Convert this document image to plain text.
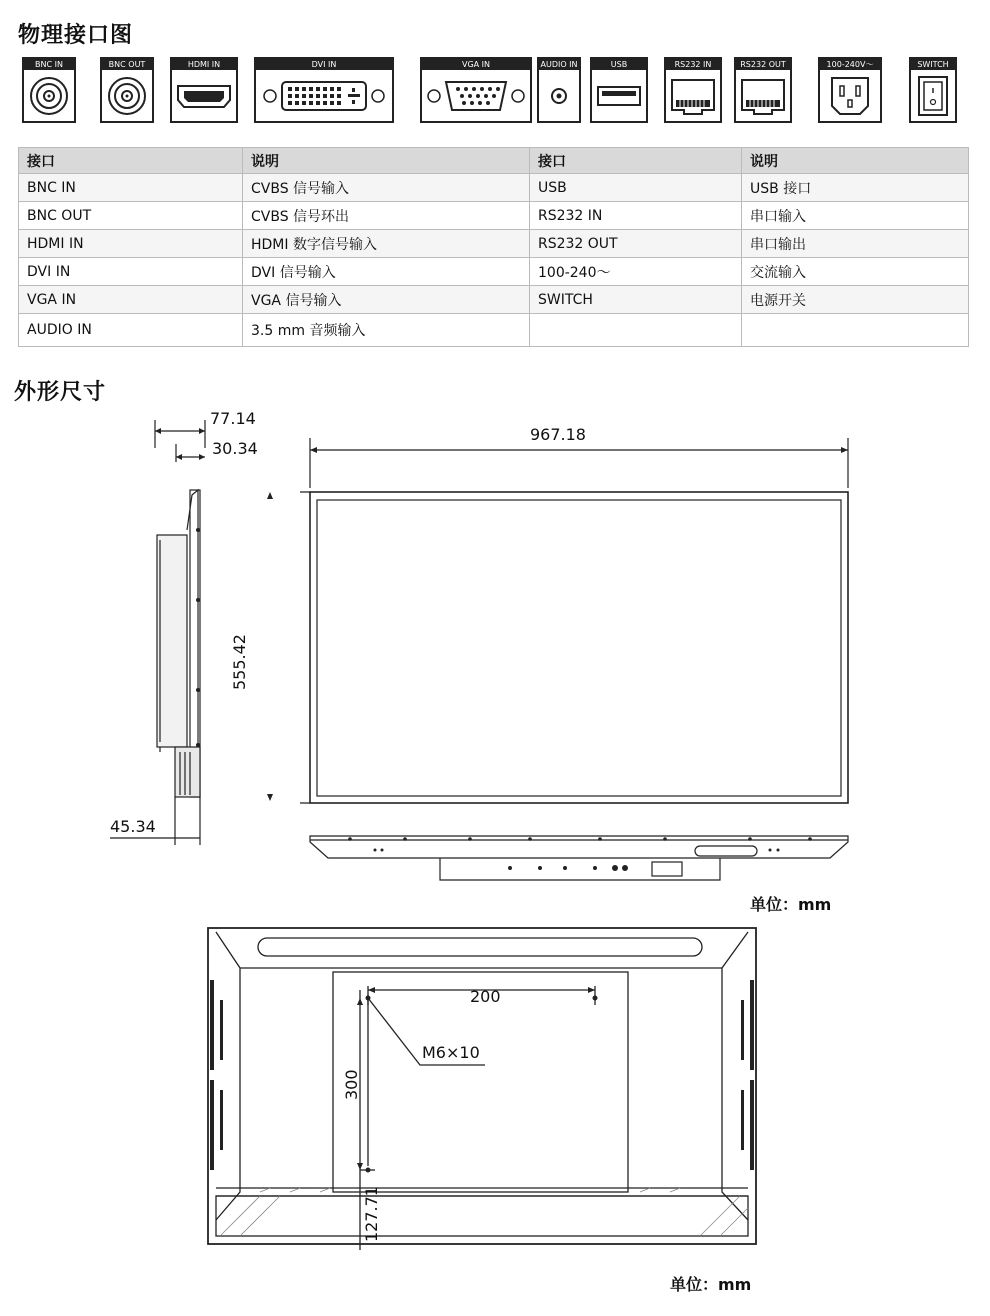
物理接口图
BNC IN	BNC OUT	HDMI IN	DVI IN	VGA IN	AUDIO IN	USB	RS232 IN	RS232 OUT	100-240V～	SWITCH
接口	说明	接口	说明
BNC IN	CVBS 信号输入	USB	USB 接口
BNC OUT	CVBS 信号环出	RS232 IN	串口输入
HDMI IN	HDMI 数字信号输入	RS232 OUT	串口输出
DVI IN	DVI 信号输入	100-240～	交流输入
VGA IN	VGA 信号输入	SWITCH	电源开关
AUDIO IN	3.5 mm 音频输入		
外形尺寸
77.14
30.34
45.34
967.18
555.42
单位：mm
200
M6×10
300
127.71
单位：mm
